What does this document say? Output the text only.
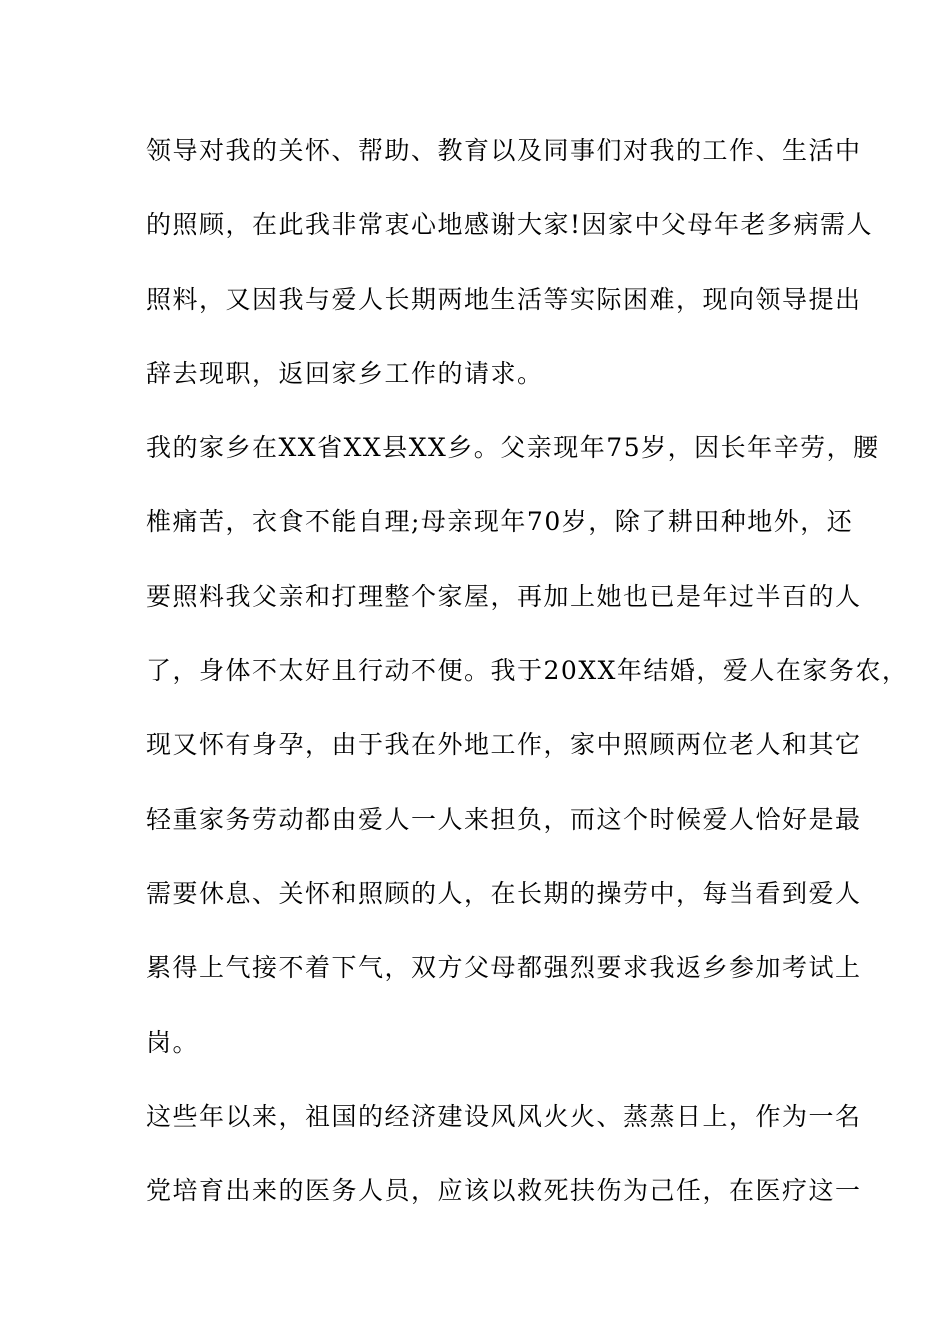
领导对我的关怀、帮助、教育以及同事们对我的工作、生活中
的照顾，在此我非常衷心地感谢大家!因家中父母年老多病需人
照料，又因我与爱人长期两地生活等实际困难，现向领导提出
辞去现职，返回家乡工作的请求。
我的家乡在XX省XX县XX乡。父亲现年75岁，因长年辛劳，腰
椎痛苦，衣食不能自理;母亲现年70岁，除了耕田种地外，还
要照料我父亲和打理整个家屋，再加上她也已是年过半百的人
了，身体不太好且行动不便。我于20XX年结婚，爱人在家务农，
现又怀有身孕，由于我在外地工作，家中照顾两位老人和其它
轻重家务劳动都由爱人一人来担负，而这个时候爱人恰好是最
需要休息、关怀和照顾的人，在长期的操劳中，每当看到爱人
累得上气接不着下气，双方父母都强烈要求我返乡参加考试上
岗。
这些年以来，祖国的经济建设风风火火、蒸蒸日上，作为一名
党培育出来的医务人员，应该以救死扶伤为己任，在医疗这一
